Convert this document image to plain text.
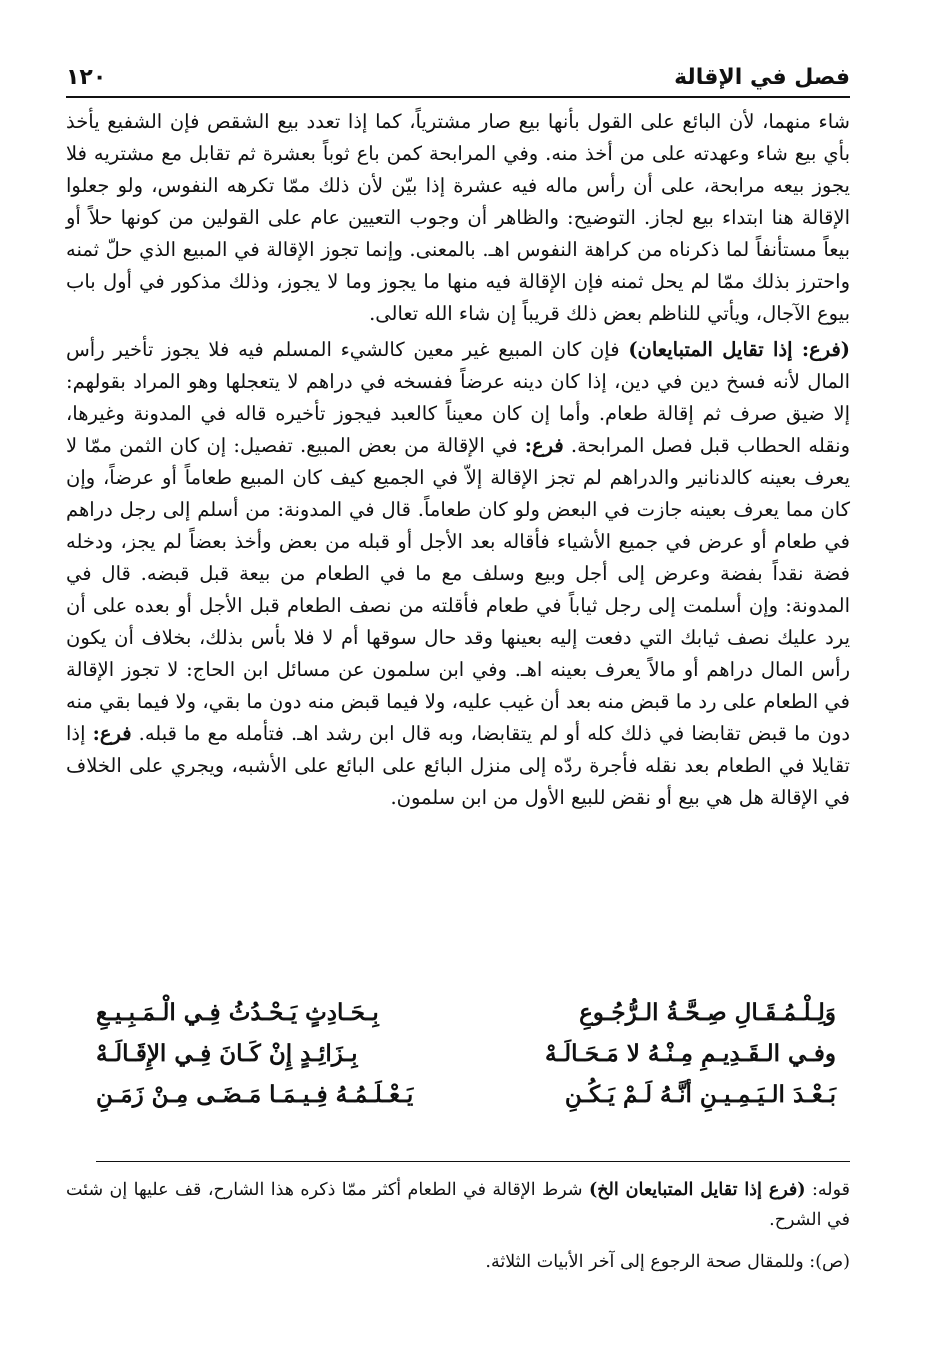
فصل في الإقالة
١٢٠

شاء منهما، لأن البائع على القول بأنها بيع صار مشترياً، كما إذا تعدد بيع الشقص فإن الشفيع يأخذ بأي بيع شاء وعهدته على من أخذ منه. وفي المرابحة كمن باع ثوباً بعشرة ثم تقابل مع مشتريه فلا يجوز بيعه مرابحة، على أن رأس ماله فيه عشرة إذا بيّن لأن ذلك ممّا تكرهه النفوس، ولو جعلوا الإقالة هنا ابتداء بيع لجاز. التوضيح: والظاهر أن وجوب التعيين عام على القولين من كونها حلاً أو بيعاً مستأنفاً لما ذكرناه من كراهة النفوس اهـ. بالمعنى. وإنما تجوز الإقالة في المبيع الذي حلّ ثمنه واحترز بذلك ممّا لم يحل ثمنه فإن الإقالة فيه منها ما يجوز وما لا يجوز، وذلك مذكور في أول باب بيوع الآجال، ويأتي للناظم بعض ذلك قريباً إن شاء الله تعالى.

(فرع: إذا تقايل المتبايعان) فإن كان المبيع غير معين كالشيء المسلم فيه فلا يجوز تأخير رأس المال لأنه فسخ دين في دين، إذا كان دينه عرضاً ففسخه في دراهم لا يتعجلها وهو المراد بقولهم: إلا ضيق صرف ثم إقالة طعام. وأما إن كان معيناً كالعبد فيجوز تأخيره قاله في المدونة وغيرها، ونقله الحطاب قبل فصل المرابحة. فرع: في الإقالة من بعض المبيع. تفصيل: إن كان الثمن ممّا لا يعرف بعينه كالدنانير والدراهم لم تجز الإقالة إلاّ في الجميع كيف كان المبيع طعاماً أو عرضاً، وإن كان مما يعرف بعينه جازت في البعض ولو كان طعاماً. قال في المدونة: من أسلم إلى رجل دراهم في طعام أو عرض في جميع الأشياء فأقاله بعد الأجل أو قبله من بعض وأخذ بعضاً لم يجز، ودخله فضة نقداً بفضة وعرض إلى أجل وبيع وسلف مع ما في الطعام من بيعة قبل قبضه. قال في المدونة: وإن أسلمت إلى رجل ثياباً في طعام فأقلته من نصف الطعام قبل الأجل أو بعده على أن يرد عليك نصف ثيابك التي دفعت إليه بعينها وقد حال سوقها أم لا فلا بأس بذلك، بخلاف أن يكون رأس المال دراهم أو مالاً يعرف بعينه اهـ. وفي ابن سلمون عن مسائل ابن الحاج: لا تجوز الإقالة في الطعام على رد ما قبض منه بعد أن غيب عليه، ولا فيما قبض منه دون ما بقي، ولا فيما بقي منه دون ما قبض تقابضا في ذلك كله أو لم يتقابضا، وبه قال ابن رشد اهـ. فتأمله مع ما قبله. فرع: إذا تقايلا في الطعام بعد نقله فأجرة ردّه إلى منزل البائع على البائع على الأشبه، ويجري على الخلاف في الإقالة هل هي بيع أو نقض للبيع الأول من ابن سلمون.

وَلِـلْـمُـقَـالِ صِـحَّـةُ الـرُّجُـوعِ
بِـحَـادِثٍ يَـحْـدُثُ فِـي الْـمَـبِـيـعِ
وفـي الـقَـدِيـمِ مِـنْـهُ لا مَـحَـالَـهْ
بِـزَائِـدٍ إِنْ كَـانَ فِـي الإِقَـالَـهْ
بَـعْـدَ الـيَـمِـيـنِ أنَّـهُ لَـمْ يَـكُـنِ
يَـعْـلَـمُـهُ فِـيـمَـا مَـضَـى مِـنْ زَمَـنِ

قوله: (فرع إذا تقايل المتبايعان الخ) شرط الإقالة في الطعام أكثر ممّا ذكره هذا الشارح، قف عليها إن شئت في الشرح.

(ص): وللمقال صحة الرجوع إلى آخر الأبيات الثلاثة.
